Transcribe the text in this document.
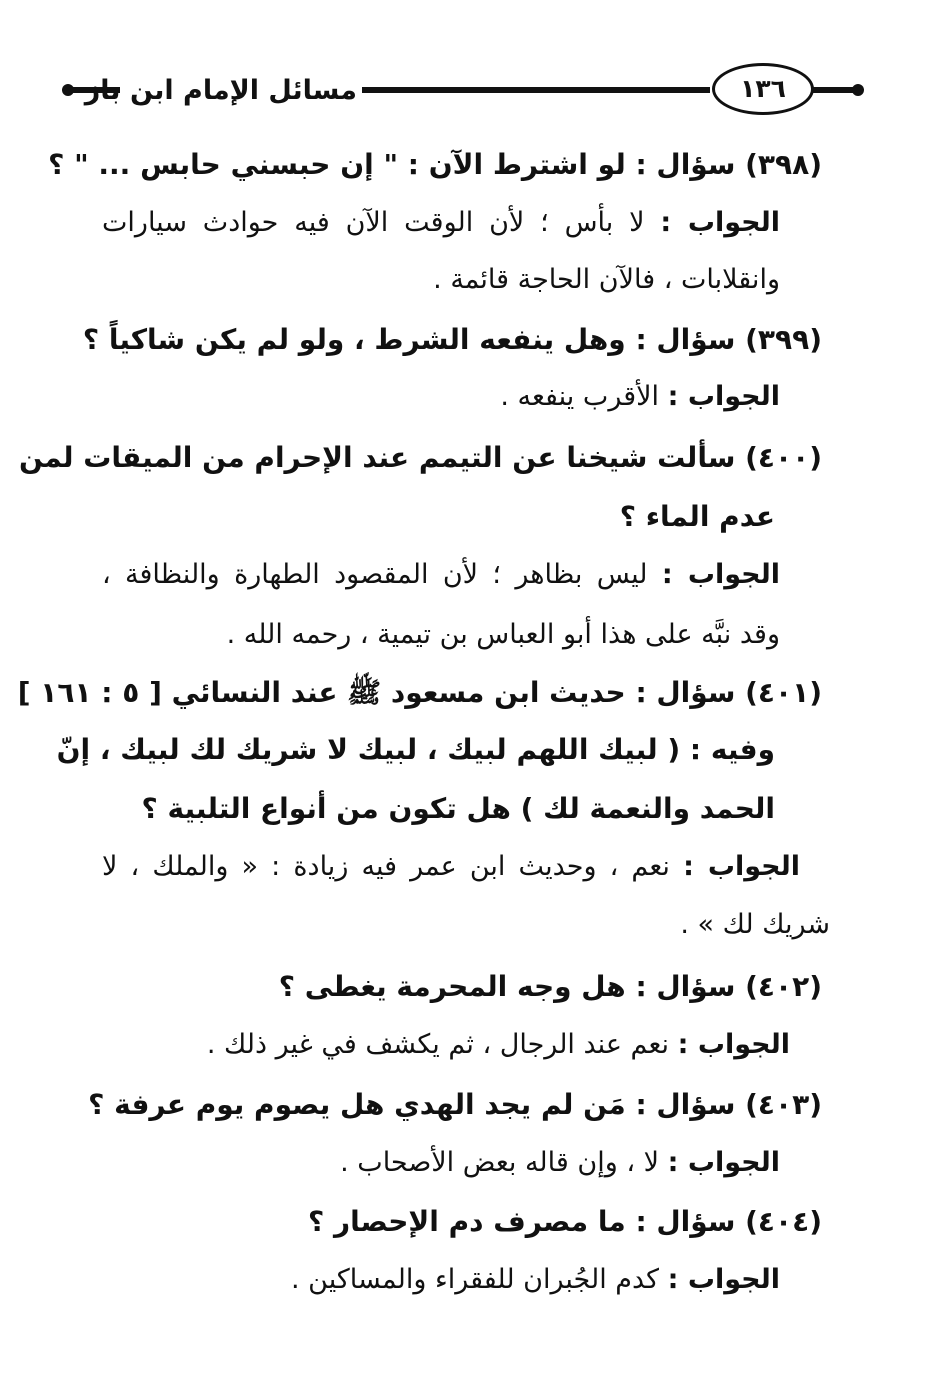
مسائل الإمام ابن باز	١٣٦
(٣٩٨) سؤال : لو اشترط الآن : " إن حبسني حابس ... " ؟
الجواب : لا بأس ؛ لأن الوقت الآن فيه حوادث سيارات
وانقلابات ، فالآن الحاجة قائمة .
(٣٩٩) سؤال : وهل ينفعه الشرط ، ولو لم يكن شاكياً ؟
الجواب : الأقرب ينفعه .
(٤٠٠) سألت شيخنا عن التيمم عند الإحرام من الميقات لمن
عدم الماء ؟
الجواب : ليس بظاهر ؛ لأن المقصود الطهارة والنظافة ،
وقد نبَّه على هذا أبو العباس بن تيمية ، رحمه الله .
(٤٠١) سؤال : حديث ابن مسعود ﷺ عند النسائي [ ٥ : ١٦١ ]
وفيه : ( لبيك اللهم لبيك ، لبيك لا شريك لك لبيك ، إنّ
الحمد والنعمة لك ) هل تكون من أنواع التلبية ؟
الجواب : نعم ، وحديث ابن عمر فيه زيادة : « والملك ، لا
شريك لك » .
(٤٠٢) سؤال : هل وجه المحرمة يغطى ؟
الجواب : نعم عند الرجال ، ثم يكشف في غير ذلك .
(٤٠٣) سؤال : مَن لم يجد الهدي هل يصوم يوم عرفة ؟
الجواب : لا ، وإن قاله بعض الأصحاب .
(٤٠٤) سؤال : ما مصرف دم الإحصار ؟
الجواب : كدم الجُبران للفقراء والمساكين .
